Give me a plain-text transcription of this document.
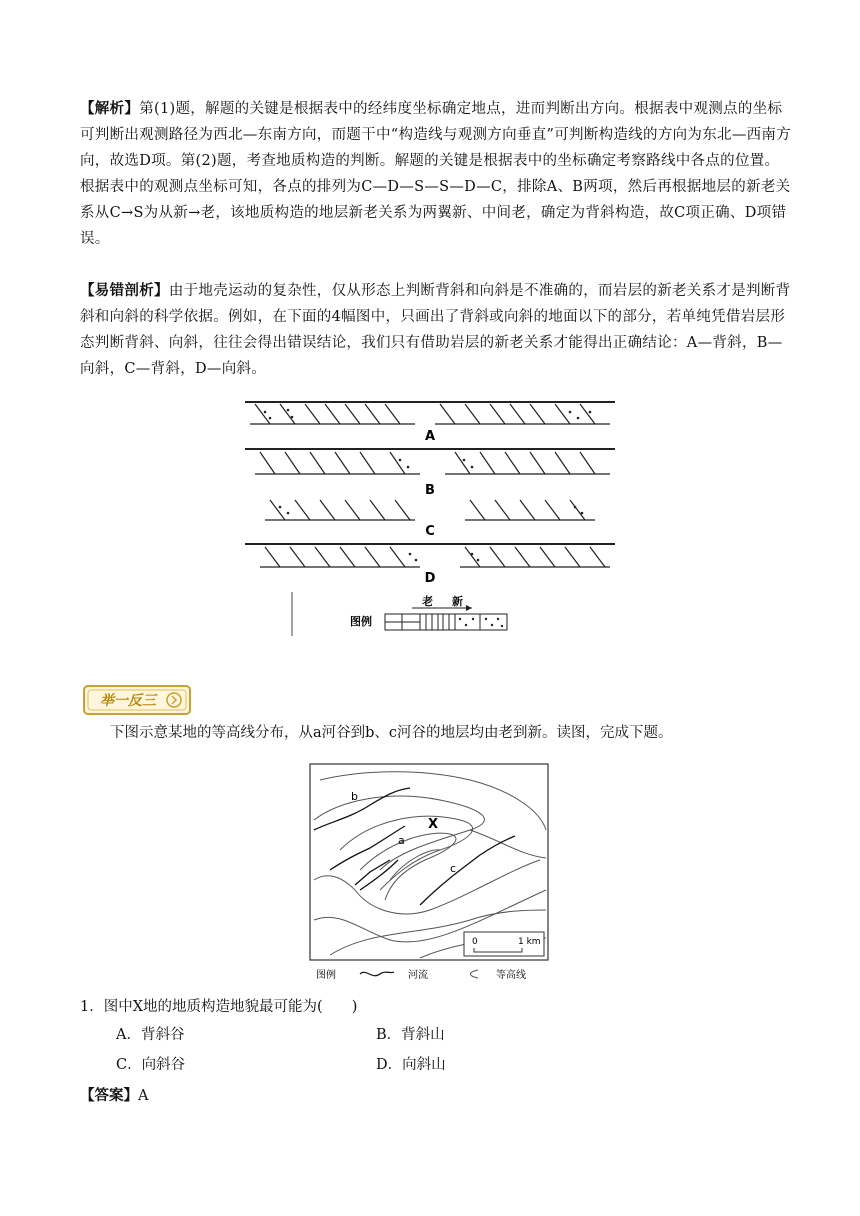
【解析】第(1)题，解题的关键是根据表中的经纬度坐标确定地点，进而判断出方向。根据表中观测点的坐标可判断出观测路径为西北—东南方向，而题干中“构造线与观测方向垂直”可判断构造线的方向为东北—西南方向，故选D项。第(2)题，考查地质构造的判断。解题的关键是根据表中的坐标确定考察路线中各点的位置。根据表中的观测点坐标可知，各点的排列为C—D—S—S—D—C，排除A、B两项，然后再根据地层的新老关系从C→S为从新→老，该地质构造的地层新老关系为两翼新、中间老，确定为背斜构造，故C项正确、D项错误。
【易错剖析】由于地壳运动的复杂性，仅从形态上判断背斜和向斜是不准确的，而岩层的新老关系才是判断背斜和向斜的科学依据。例如，在下面的4幅图中，只画出了背斜或向斜的地面以下的部分，若单纯凭借岩层形态判断背斜、向斜，往往会得出错误结论，我们只有借助岩层的新老关系才能得出正确结论：A—背斜，B—向斜，C—背斜，D—向斜。
A
B
C
D
老 新
图例
举一反三
下图示意某地的等高线分布，从a河谷到b、c河谷的地层均由老到新。读图，完成下题。
b
a
X
c
0	1 km
图例	河流	等高线
1．图中X地的地质构造地貌最可能为(　　)
A．背斜谷	B．背斜山
C．向斜谷	D．向斜山
【答案】A
